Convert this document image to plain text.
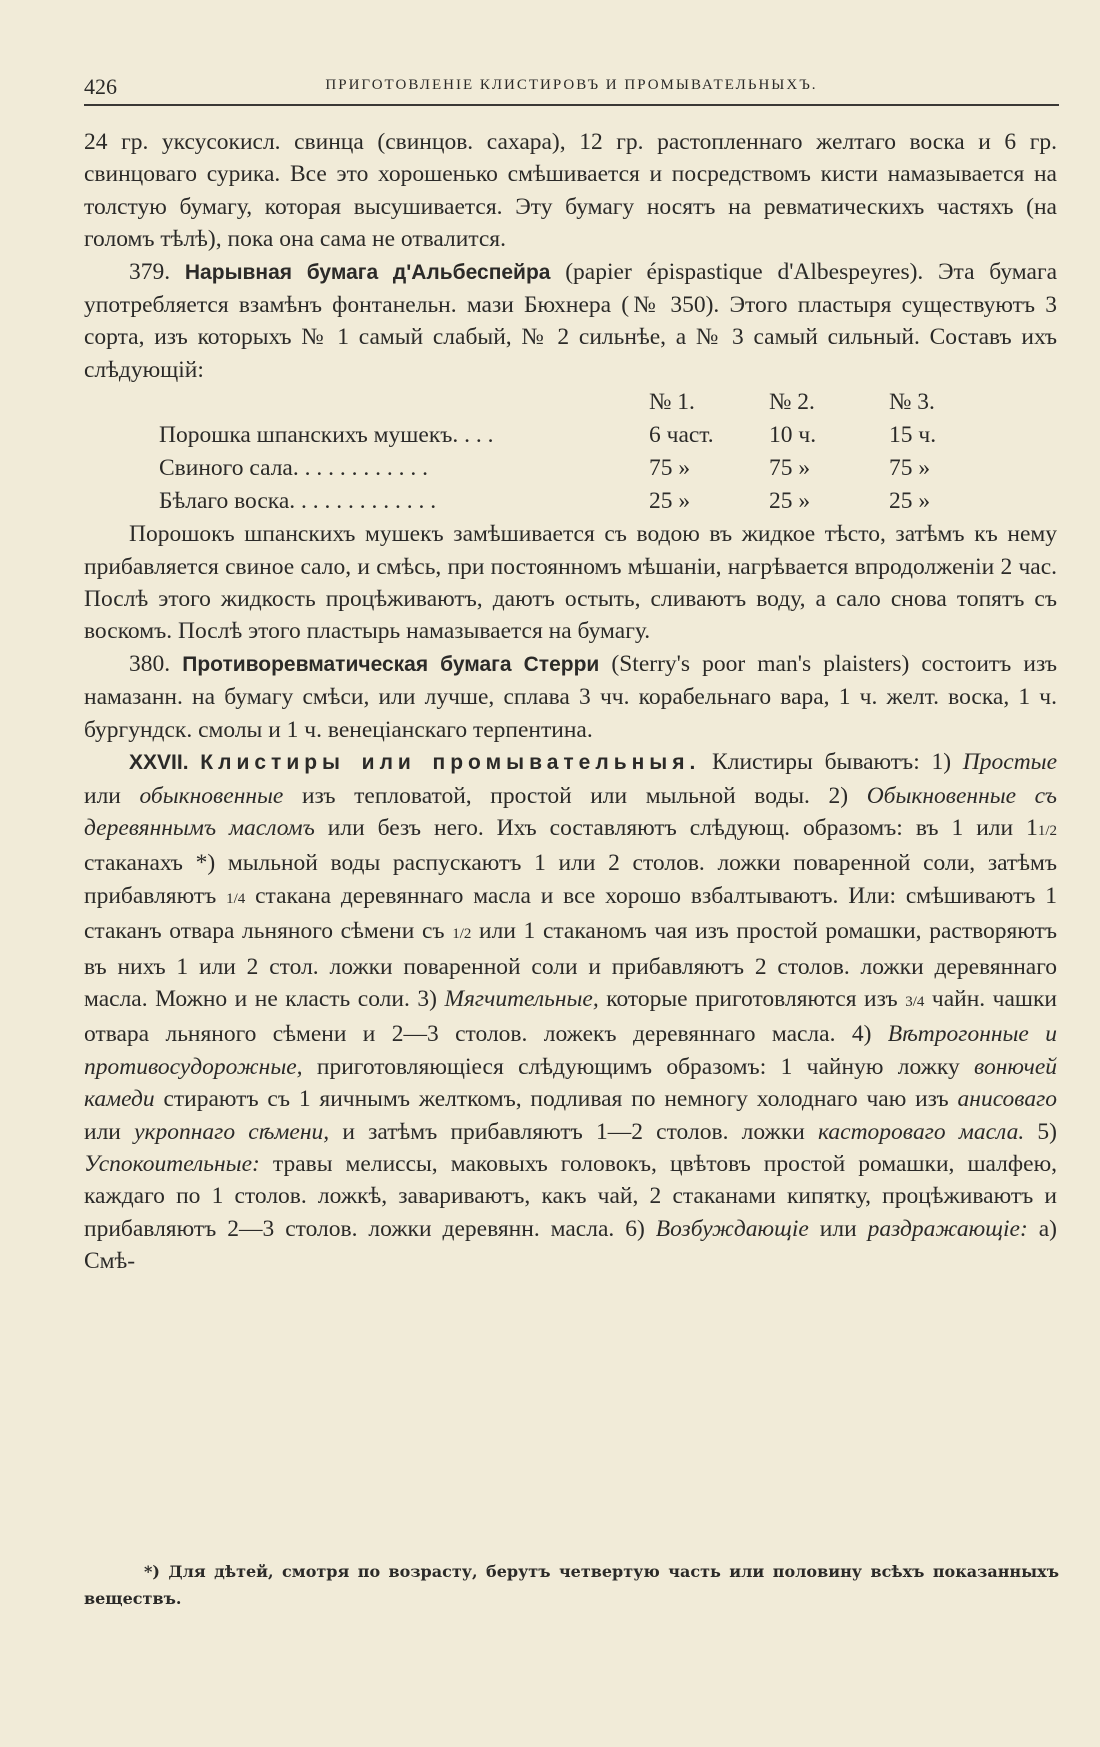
426	ПРИГОТОВЛЕНІЕ КЛИСТИРОВЪ И ПРОМЫВАТЕЛЬНЫХЪ.

24 гр. уксусокисл. свинца (свинцов. сахара), 12 гр. растопленнаго желтаго воска и 6 гр. свинцоваго сурика. Все это хорошенько смѣшивается и посредствомъ кисти намазывается на толстую бумагу, которая высушивается. Эту бумагу носятъ на ревматическихъ частяхъ (на голомъ тѣлѣ), пока она сама не отвалится.

379. Нарывная бумага д'Альбеспейра (papier épispastique d'Albespeyres). Эта бумага употребляется взамѣнъ фонтанельн. мази Бюхнера (№ 350). Этого пластыря существуютъ 3 сорта, изъ которыхъ № 1 самый слабый, № 2 сильнѣе, а № 3 самый сильный. Составъ ихъ слѣдующій:

	№ 1.	№ 2.	№ 3.
Порошка шпанскихъ мушекъ. . . .	6 част.	10 ч.	15 ч.
Свиного сала. . . . . . . . . . . .	75 »	75 »	75 »
Бѣлаго воска. . . . . . . . . . . . .	25 »	25 »	25 »

Порошокъ шпанскихъ мушекъ замѣшивается съ водою въ жидкое тѣсто, затѣмъ къ нему прибавляется свиное сало, и смѣсь, при постоянномъ мѣшаніи, нагрѣвается впродолженіи 2 час. Послѣ этого жидкость процѣживаютъ, даютъ остыть, сливаютъ воду, а сало снова топятъ съ воскомъ. Послѣ этого пластырь намазывается на бумагу.

380. Противоревматическая бумага Стерри (Sterry's poor man's plaisters) состоитъ изъ намазанн. на бумагу смѣси, или лучше, сплава 3 чч. корабельнаго вара, 1 ч. желт. воска, 1 ч. бургундск. смолы и 1 ч. венеціанскаго терпентина.

XXVII. Клистиры или промывательныя. Клистиры бываютъ: 1) Простые или обыкновенные изъ тепловатой, простой или мыльной воды. 2) Обыкновенные съ деревяннымъ масломъ или безъ него. Ихъ составляютъ слѣдующ. образомъ: въ 1 или 11/2 стаканахъ *) мыльной воды распускаютъ 1 или 2 столов. ложки поваренной соли, затѣмъ прибавляютъ 1/4 стакана деревяннаго масла и все хорошо взбалтываютъ. Или: смѣшиваютъ 1 стаканъ отвара льняного сѣмени съ 1/2 или 1 стаканомъ чая изъ простой ромашки, растворяютъ въ нихъ 1 или 2 стол. ложки поваренной соли и прибавляютъ 2 столов. ложки деревяннаго масла. Можно и не класть соли. 3) Мягчительные, которые приготовляются изъ 3/4 чайн. чашки отвара льняного сѣмени и 2—3 столов. ложекъ деревяннаго масла. 4) Вѣтрогонные и противосудорожные, приготовляющіеся слѣдующимъ образомъ: 1 чайную ложку вонючей камеди стираютъ съ 1 яичнымъ желткомъ, подливая по немногу холоднаго чаю изъ анисоваго или укропнаго сѣмени, и затѣмъ прибавляютъ 1—2 столов. ложки касторовaго масла. 5) Успокоительные: травы мелиссы, маковыхъ головокъ, цвѣтовъ простой ромашки, шалфею, каждаго по 1 столов. ложкѣ, завариваютъ, какъ чай, 2 стаканами кипятку, процѣживаютъ и прибавляютъ 2—3 столов. ложки деревянн. масла. 6) Возбуждающіе или раздражающіе: а) Смѣ-

*) Для дѣтей, смотря по возрасту, берутъ четвертую часть или половину всѣхъ показанныхъ веществъ.
